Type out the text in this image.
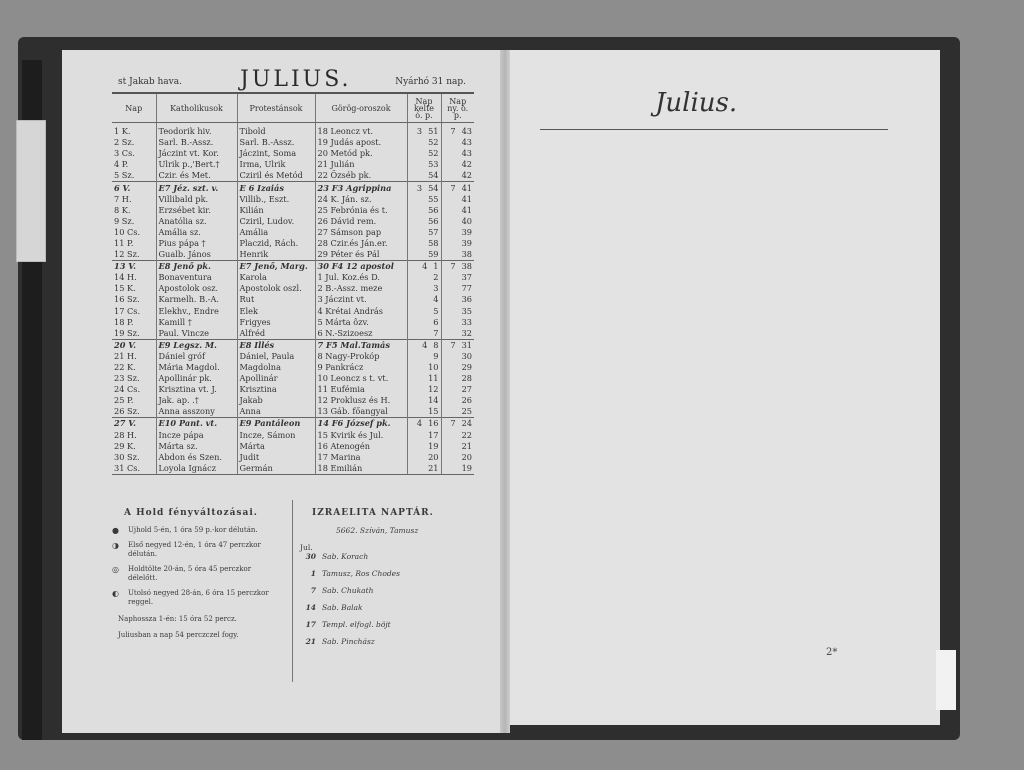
st Jakab hava.	JULIUS.	Nyárhó 31 nap.
Nap	Katholikusok	Protestánsok	Görög-oroszok	Nap kelte ó. p.	Nap ny. ó. p.
1 K.	Teodorik hiv.	Tibold	18 Leoncz vt.	3 51	7 43
2 Sz.	Sarl. B.-Assz.	Sarl. B.-Assz.	19 Judás apost.	52	43
3 Cs.	Jáczint vt. Kor.	Jáczint, Soma	20 Metód pk.	52	43
4 P.	Ulrik p.,'Bert.†	Irma, Ulrik	21 Julián	53	42
5 Sz.	Czir. és Met.	Cziril és Metód	22 Özséb pk.	54	42
6 V.	E7 Jéz. szt. v.	E 6 Izaiás	23 F3 Agrippina	3 54	7 41
7 H.	Villibald pk.	Villib., Eszt.	24 K. Ján. sz.	55	41
8 K.	Erzsébet kir.	Kilián	25 Febrónia és t.	56	41
9 Sz.	Anatólia sz.	Cziril, Ludov.	26 Dávid rem.	56	40
10 Cs.	Amália sz.	Amália	27 Sámson pap	57	39
11 P.	Pius pápa †	Placzid, Rách.	28 Czir.és Ján.er.	58	39
12 Sz.	Gualb. János	Henrik	29 Péter és Pál	59	38
13 V.	E8 Jenő pk.	E7 Jenő, Marg.	30 F4 12 apostol	4 1	7 38
14 H.	Bonaventura	Karola	1 Jul. Koz.és D.	2	37
15 K.	Apostolok osz.	Apostolok oszl.	2 B.-Assz. meze	3	77
16 Sz.	Karmelh. B.-A.	Rut	3 Jáczint vt.	4	36
17 Cs.	Elekhv., Endre	Elek	4 Krétai András	5	35
18 P.	Kamill †	Frigyes	5 Márta ôzv.	6	33
19 Sz.	Paul. Vincze	Alfréd	6 N.-Szizoesz	7	32
20 V.	E9 Legsz. M.	E8 Illés	7 F5 Mal.Tamás	4 8	7 31
21 H.	Dániel gróf	Dániel, Paula	8 Nagy-Prokóp	9	30
22 K.	Mária Magdol.	Magdolna	9 Pankrácz	10	29
23 Sz.	Apollinár pk.	Apollinár	10 Leoncz s t. vt.	11	28
24 Cs.	Krisztina vt. J.	Krisztina	11 Eufémia	12	27
25 P.	Jak. ap. .†	Jakab	12 Proklusz és H.	14	26
26 Sz.	Anna asszony	Anna	13 Gáb. főangyal	15	25
27 V.	E10 Pant. vt.	E9 Pantáleon	14 F6 József pk.	4 16	7 24
28 H.	Incze pápa	Incze, Sámon	15 Kvirik és Jul.	17	22
29 K.	Márta sz.	Márta	16 Atenogén	19	21
30 Sz.	Abdon és Szen.	Judit	17 Marina	20	20
31 Cs.	Loyola Ignácz	Germán	18 Emilián	21	19
A Hold fényváltozásai.
●	Ujhold 5-én, 1 óra 59 p.-kor délután.
◑	Első negyed 12-én, 1 óra 47 perczkor délután.
◎	Holdtölte 20-án, 5 óra 45 perczkor délelőtt.
◐	Utolsó negyed 28-án, 6 óra 15 perczkor reggel.

Naphossza 1-én: 15 óra 52 percz.

Juliusban a nap 54 perczczel fogy.

IZRAELITA NAPTÁR.
5662. Szíván, Tamusz
Jul.
30 Sab. Korach
1 Tamusz, Ros Chodes
7 Sab. Chukath
14 Sab. Balak
17 Templ. elfogl. böjt
21 Sab. Pinchász
Julius.
2*
